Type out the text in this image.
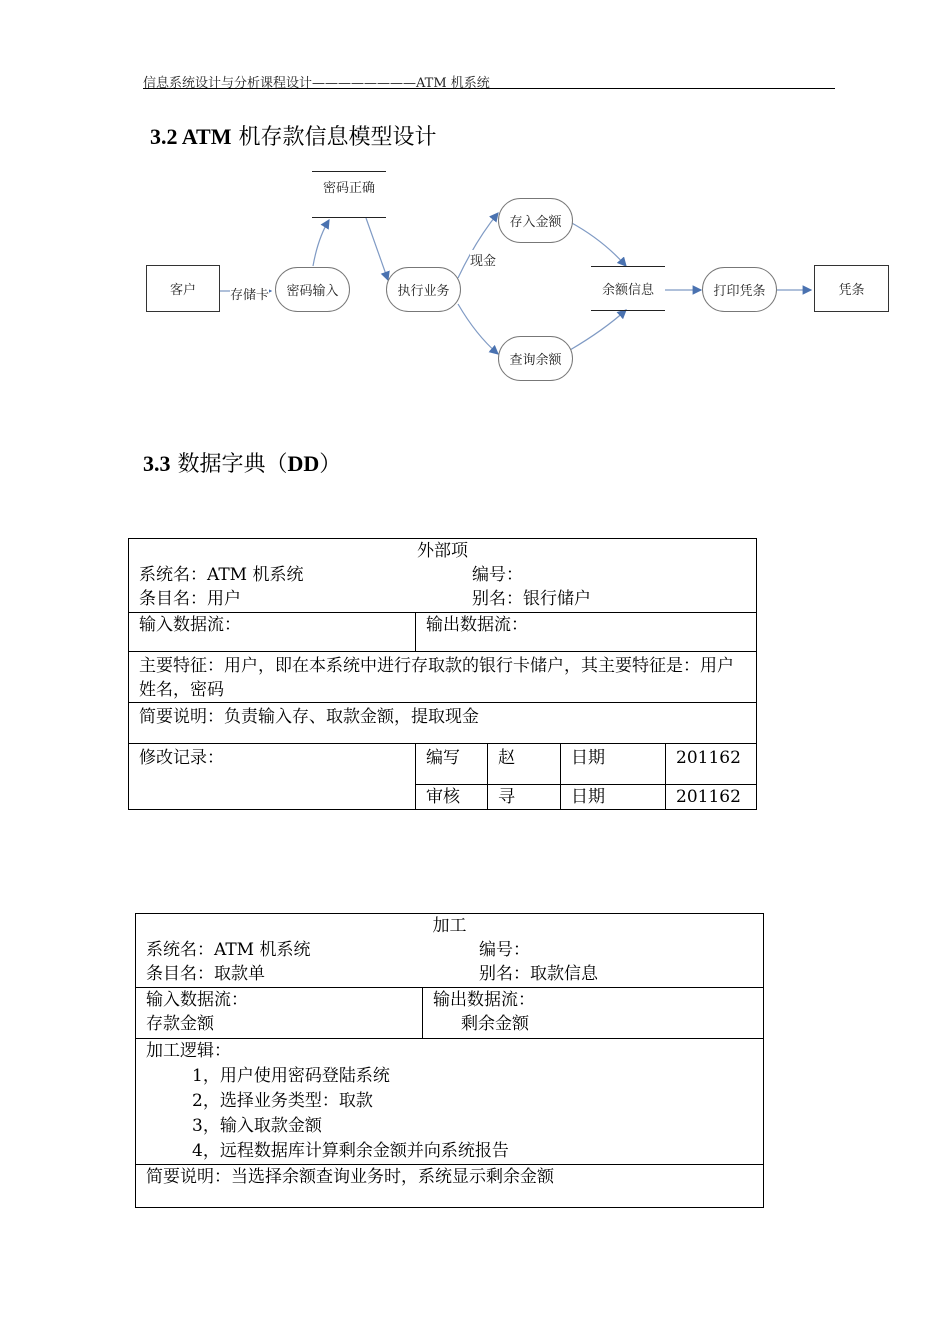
信息系统设计与分析课程设计————————ATM 机系统
3.2 ATM 机存款信息模型设计
客户	存储卡	密码输入
密码正确
执行业务
现金
存入金额
查询余额
余额信息	打印凭条	凭条
3.3 数据字典（DD）
外部项
系统名：ATM 机系统 编号：
条目名：用户 别名：银行储户				

输入数据流：	输出数据流：			
主要特征：用户，即在本系统中进行存取款的银行卡储户，其主要特征是：用户姓名，密码				
简要说明：负责输入存、取款金额，提取现金				
修改记录：	编写	赵	日期	201162
	审核	寻	日期	201162
加工
系统名：ATM 机系统	编号：
条目名：取款单	别名：取款信息

输入数据流：
存款金额

输出数据流：
剩余金额

加工逻辑：
1，用户使用密码登陆系统
2，选择业务类型：取款
3，输入取款金额
4，远程数据库计算剩余金额并向系统报告

简要说明：当选择余额查询业务时，系统显示剩余金额
